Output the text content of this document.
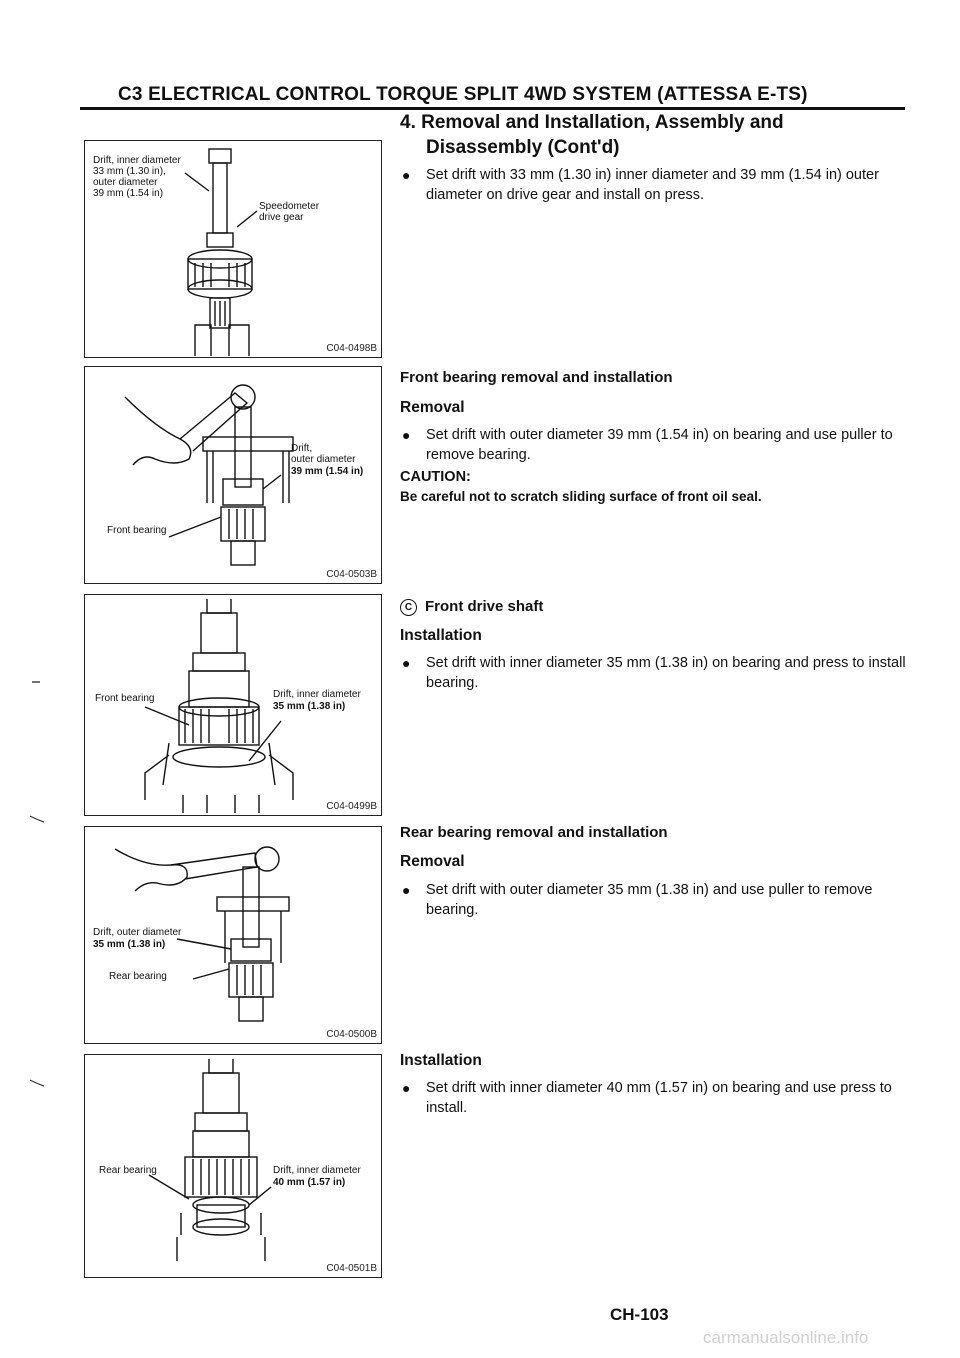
C3 ELECTRICAL CONTROL TORQUE SPLIT 4WD SYSTEM (ATTESSA E-TS)
Drift, inner diameter
33 mm (1.30 in),
outer diameter
39 mm (1.54 in)
Speedometer
drive gear
C04-0498B
Drift,
outer diameter
39 mm (1.54 in)
Front bearing
C04-0503B
Front bearing	Drift, inner diameter
35 mm (1.38 in)
C04-0499B
Drift, outer diameter
35 mm (1.38 in)
Rear bearing
C04-0500B
Rear bearing	Drift, inner diameter
40 mm (1.57 in)
C04-0501B
4. Removal and Installation, Assembly and
Disassembly (Cont'd)
● Set drift with 33 mm (1.30 in) inner diameter and 39 mm (1.54 in) outer diameter on drive gear and install on press.
Front bearing removal and installation
Removal
● Set drift with outer diameter 39 mm (1.54 in) on bearing and use puller to remove bearing.
CAUTION:
Be careful not to scratch sliding surface of front oil seal.
C Front drive shaft
Installation
● Set drift with inner diameter 35 mm (1.38 in) on bearing and press to install bearing.
Rear bearing removal and installation
Removal
● Set drift with outer diameter 35 mm (1.38 in) and use puller to remove bearing.
Installation
● Set drift with inner diameter 40 mm (1.57 in) on bearing and use press to install.
CH-103
carmanualsonline.info
